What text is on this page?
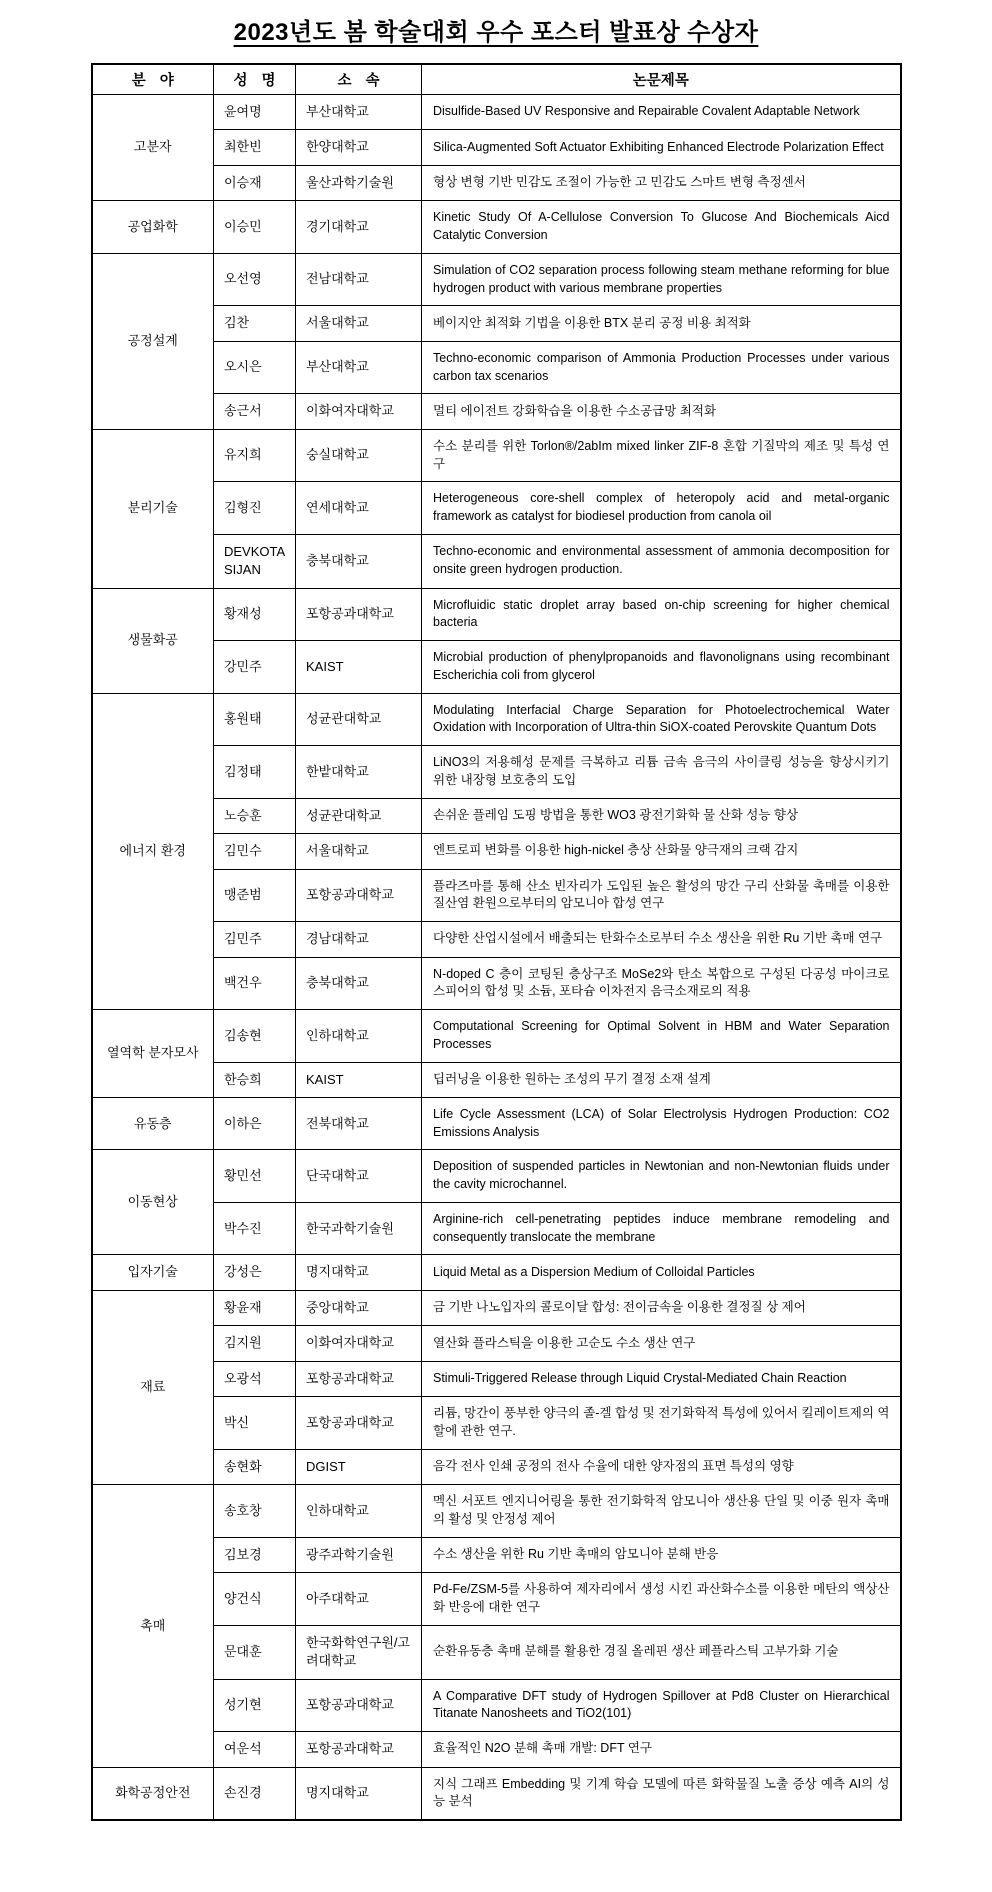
2023년도 봄 학술대회 우수 포스터 발표상 수상자
분 야	성 명	소 속	논문제목
고분자	윤여명	부산대학교	Disulfide-Based UV Responsive and Repairable Covalent Adaptable Network
	최한빈	한양대학교	Silica-Augmented Soft Actuator Exhibiting Enhanced Electrode Polarization Effect
	이승재	울산과학기술원	형상 변형 기반 민감도 조절이 가능한 고 민감도 스마트 변형 측정센서
공업화학	이승민	경기대학교	Kinetic Study Of A-Cellulose Conversion To Glucose And Biochemicals Aicd Catalytic Conversion
공정설계	오선영	전남대학교	Simulation of CO2 separation process following steam methane reforming for blue hydrogen product with various membrane properties
	김찬	서울대학교	베이지안 최적화 기법을 이용한 BTX 분리 공정 비용 최적화
	오시은	부산대학교	Techno-economic comparison of Ammonia Production Processes under various carbon tax scenarios
	송근서	이화여자대학교	멀티 에이전트 강화학습을 이용한 수소공급망 최적화
분리기술	유지희	숭실대학교	수소 분리를 위한 Torlon®/2abIm mixed linker ZIF-8 혼합 기질막의 제조 및 특성 연구
	김형진	연세대학교	Heterogeneous core-shell complex of heteropoly acid and metal-organic framework as catalyst for biodiesel production from canola oil
	DEVKOTA SIJAN	충북대학교	Techno-economic and environmental assessment of ammonia decomposition for onsite green hydrogen production.
생물화공	황재성	포항공과대학교	Microfluidic static droplet array based on-chip screening for higher chemical bacteria
	강민주	KAIST	Microbial production of phenylpropanoids and flavonolignans using recombinant Escherichia coli from glycerol
에너지 환경	홍원태	성균관대학교	Modulating Interfacial Charge Separation for Photoelectrochemical Water Oxidation with Incorporation of Ultra-thin SiOX-coated Perovskite Quantum Dots
	김정태	한밭대학교	LiNO3의 저용해성 문제를 극복하고 리튬 금속 음극의 사이클링 성능을 향상시키기 위한 내장형 보호층의 도입
	노승훈	성균관대학교	손쉬운 플레임 도핑 방법을 통한 WO3 광전기화학 물 산화 성능 향상
	김민수	서울대학교	엔트로피 변화를 이용한 high-nickel 층상 산화물 양극재의 크랙 감지
	맹준범	포항공과대학교	플라즈마를 통해 산소 빈자리가 도입된 높은 활성의 망간 구리 산화물 촉매를 이용한 질산염 환원으로부터의 암모니아 합성 연구
	김민주	경남대학교	다양한 산업시설에서 배출되는 탄화수소로부터 수소 생산을 위한 Ru 기반 촉매 연구
	백건우	충북대학교	N-doped C 층이 코팅된 층상구조 MoSe2와 탄소 복합으로 구성된 다공성 마이크로스피어의 합성 및 소듐, 포타슘 이차전지 음극소재로의 적용
열역학 분자모사	김송현	인하대학교	Computational Screening for Optimal Solvent in HBM and Water Separation Processes
	한승희	KAIST	딥러닝을 이용한 원하는 조성의 무기 결정 소재 설계
유동층	이하은	전북대학교	Life Cycle Assessment (LCA) of Solar Electrolysis Hydrogen Production: CO2 Emissions Analysis
이동현상	황민선	단국대학교	Deposition of suspended particles in Newtonian and non-Newtonian fluids under the cavity microchannel.
	박수진	한국과학기술원	Arginine-rich cell-penetrating peptides induce membrane remodeling and consequently translocate the membrane
입자기술	강성은	명지대학교	Liquid Metal as a Dispersion Medium of Colloidal Particles
재료	황윤재	중앙대학교	금 기반 나노입자의 콜로이달 합성: 전이금속을 이용한 결정질 상 제어
	김지원	이화여자대학교	열산화 플라스틱을 이용한 고순도 수소 생산 연구
	오광석	포항공과대학교	Stimuli-Triggered Release through Liquid Crystal-Mediated Chain Reaction
	박신	포항공과대학교	리튬, 망간이 풍부한 양극의 졸-겔 합성 및 전기화학적 특성에 있어서 킬레이트제의 역할에 관한 연구.
	송현화	DGIST	음각 전사 인쇄 공정의 전사 수율에 대한 양자점의 표면 특성의 영향
촉매	송호창	인하대학교	멕신 서포트 엔지니어링을 통한 전기화학적 암모니아 생산용 단일 및 이중 원자 촉매의 활성 및 안정성 제어
	김보경	광주과학기술원	수소 생산을 위한 Ru 기반 촉매의 암모니아 분해 반응
	양건식	아주대학교	Pd-Fe/ZSM-5를 사용하여 제자리에서 생성 시킨 과산화수소를 이용한 메탄의 액상산화 반응에 대한 연구
	문대훈	한국화학연구원/고려대학교	순환유동층 촉매 분해를 활용한 경질 올레핀 생산 페플라스틱 고부가화 기술
	성기현	포항공과대학교	A Comparative DFT study of Hydrogen Spillover at Pd8 Cluster on Hierarchical Titanate Nanosheets and TiO2(101)
	여운석	포항공과대학교	효율적인 N2O 분해 촉매 개발: DFT 연구
화학공정안전	손진경	명지대학교	지식 그래프 Embedding 및 기계 학습 모델에 따른 화학물질 노출 증상 예측 AI의 성능 분석
